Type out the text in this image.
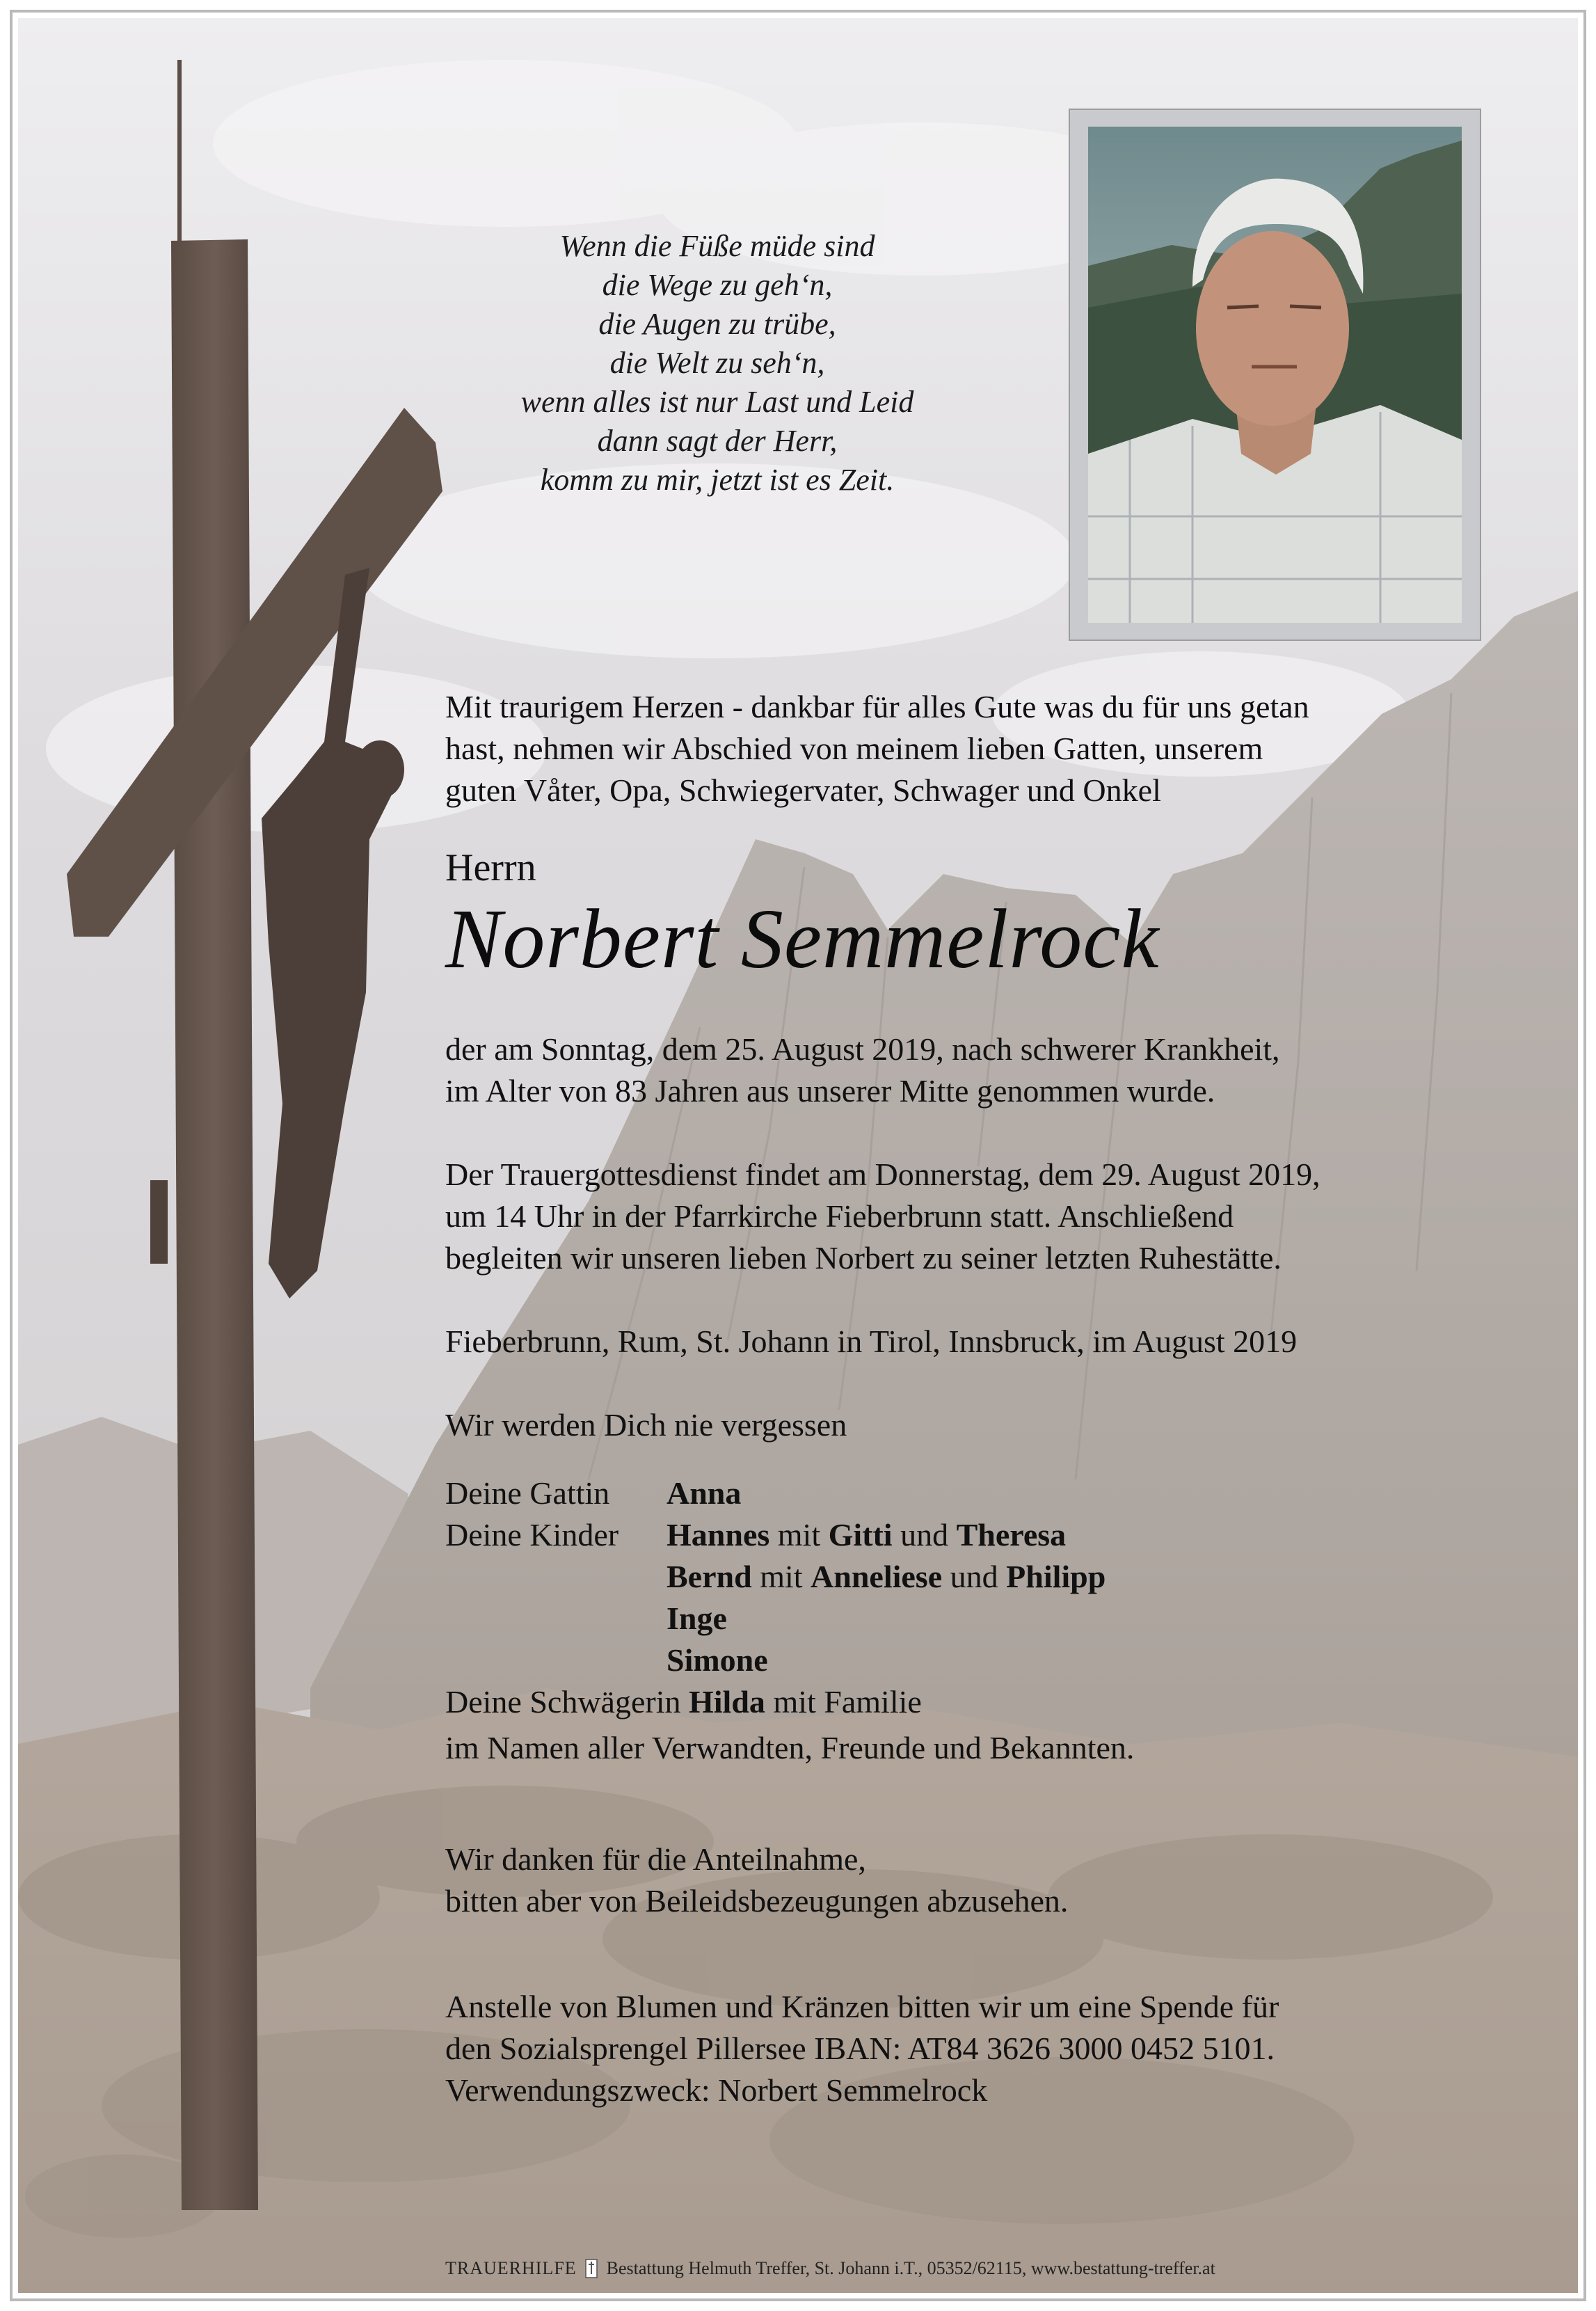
Wenn die Füße müde sind
die Wege zu geh‘n,
die Augen zu trübe,
die Welt zu seh‘n,
wenn alles ist nur Last und Leid
dann sagt der Herr,
komm zu mir, jetzt ist es Zeit.
Mit traurigem Herzen - dankbar für alles Gute was du für uns getan
hast, nehmen wir Abschied von meinem lieben Gatten, unserem
guten Våter, Opa, Schwiegervater, Schwager und Onkel
Herrn
Norbert Semmelrock
der am Sonntag, dem 25. August 2019, nach schwerer Krankheit,
im Alter von 83 Jahren aus unserer Mitte genommen wurde.
Der Trauergottesdienst findet am Donnerstag, dem 29. August 2019,
um 14 Uhr in der Pfarrkirche Fieberbrunn statt. Anschließend
begleiten wir unseren lieben Norbert zu seiner letzten Ruhestätte.
Fieberbrunn, Rum, St. Johann in Tirol, Innsbruck, im August 2019
Wir werden Dich nie vergessen
Deine Gattin	Anna
Deine Kinder	Hannes mit Gitti und Theresa
Bernd mit Anneliese und Philipp
Inge
Simone
Deine Schwägerin
Hilda
mit Familie
im Namen aller Verwandten, Freunde und Bekannten.
Wir danken für die Anteilnahme,
bitten aber von Beileidsbezeugungen abzusehen.
Anstelle von Blumen und Kränzen bitten wir um eine Spende für
den Sozialsprengel Pillersee IBAN: AT84 3626 3000 0452 5101.
Verwendungszweck: Norbert Semmelrock
TRAUERHILFE Bestattung Helmuth Treffer, St. Johann i.T., 05352/62115, www.bestattung-treffer.at
